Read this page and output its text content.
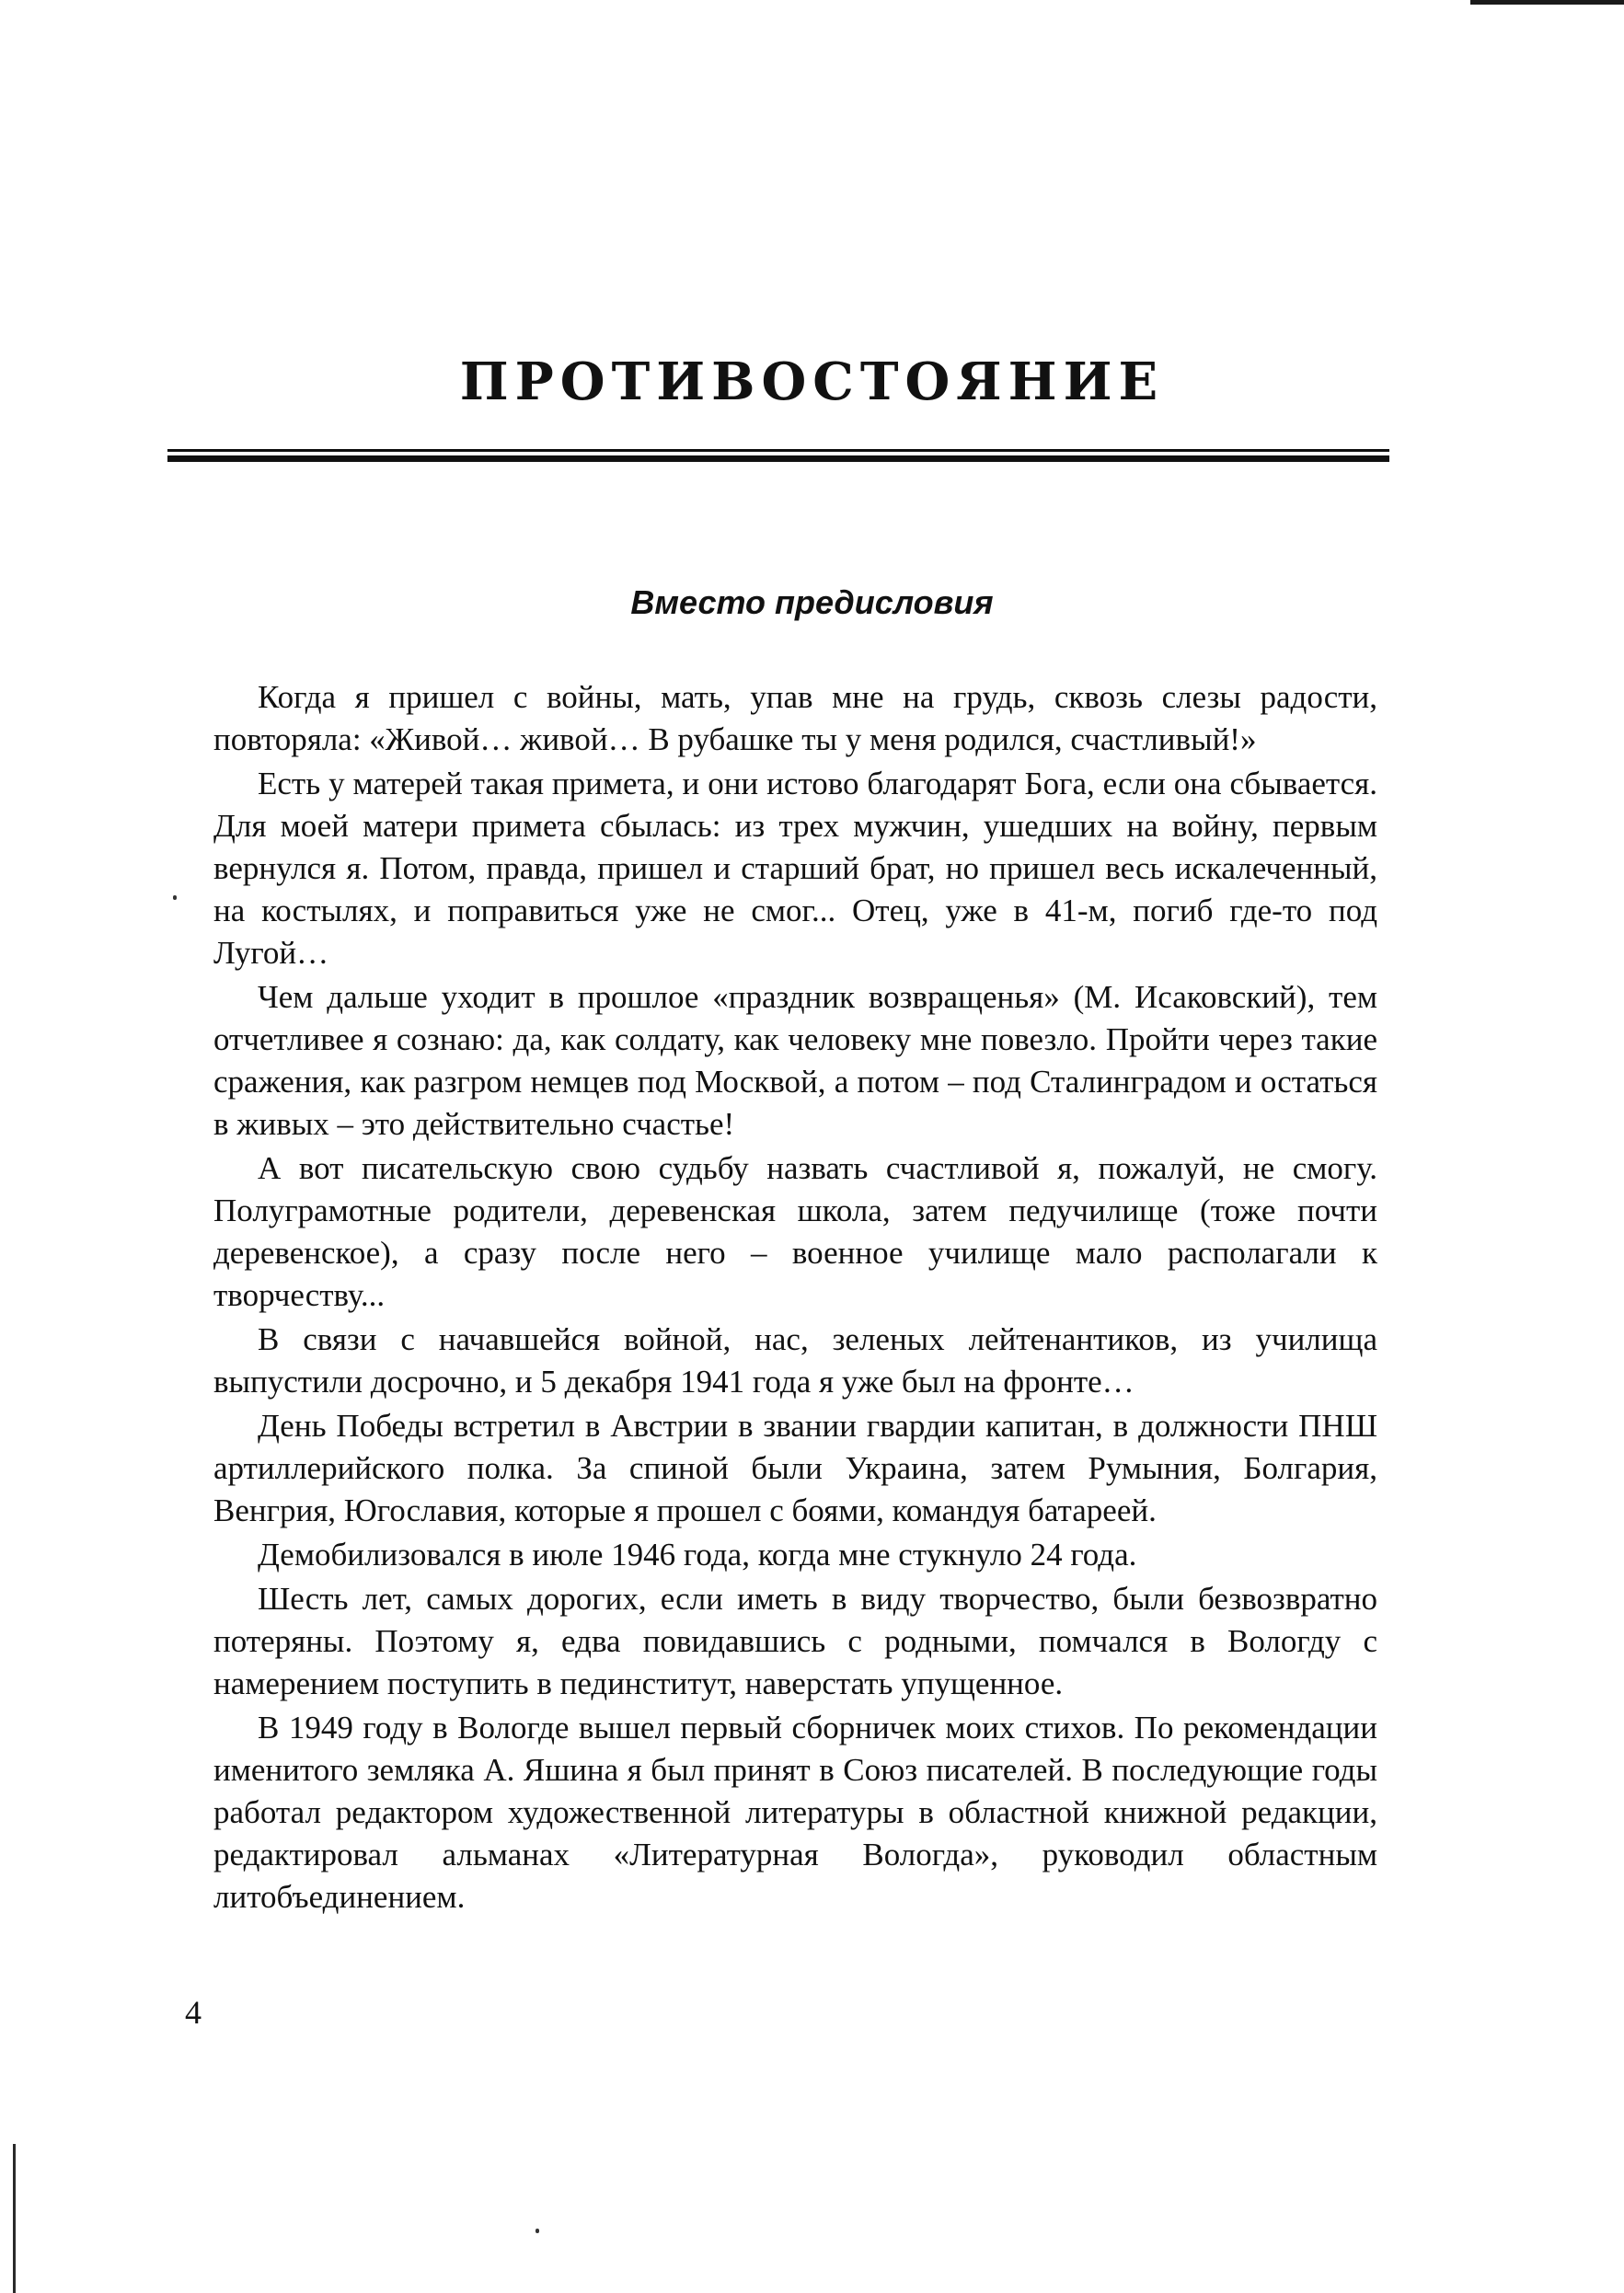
ПРОТИВОСТОЯНИЕ
Вместо предисловия

Когда я пришел с войны, мать, упав мне на грудь, сквозь слезы радости, повторяла: «Живой… живой… В рубашке ты у меня родился, счастливый!»

Есть у матерей такая примета, и они истово благодарят Бога, если она сбывается. Для моей матери примета сбылась: из трех мужчин, ушедших на войну, первым вернулся я. Потом, правда, пришел и старший брат, но пришел весь искалеченный, на костылях, и поправиться уже не смог... Отец, уже в 41-м, погиб где-то под Лугой…

Чем дальше уходит в прошлое «праздник возвращенья» (М. Исаковский), тем отчетливее я сознаю: да, как солдату, как человеку мне повезло. Пройти через такие сражения, как разгром немцев под Москвой, а потом – под Сталинградом и остаться в живых – это действительно счастье!

А вот писательскую свою судьбу назвать счастливой я, пожалуй, не смогу. Полуграмотные родители, деревенская школа, затем педучилище (тоже почти деревенское), а сразу после него – военное училище мало располагали к творчеству...

В связи с начавшейся войной, нас, зеленых лейтенантиков, из училища выпустили досрочно, и 5 декабря 1941 года я уже был на фронте…

День Победы встретил в Австрии в звании гвардии капитан, в должности ПНШ артиллерийского полка. За спиной были Украина, затем Румыния, Болгария, Венгрия, Югославия, которые я прошел с боями, командуя батареей.

Демобилизовался в июле 1946 года, когда мне стукнуло 24 года.

Шесть лет, самых дорогих, если иметь в виду творчество, были безвозвратно потеряны. Поэтому я, едва повидавшись с родными, помчался в Вологду с намерением поступить в пединститут, наверстать упущенное.

В 1949 году в Вологде вышел первый сборничек моих стихов. По рекомендации именитого земляка А. Яшина я был принят в Союз писателей. В последующие годы работал редактором художественной литературы в областной книжной редакции, редактировал альманах «Литературная Вологда», руководил областным литобъединением.

4
